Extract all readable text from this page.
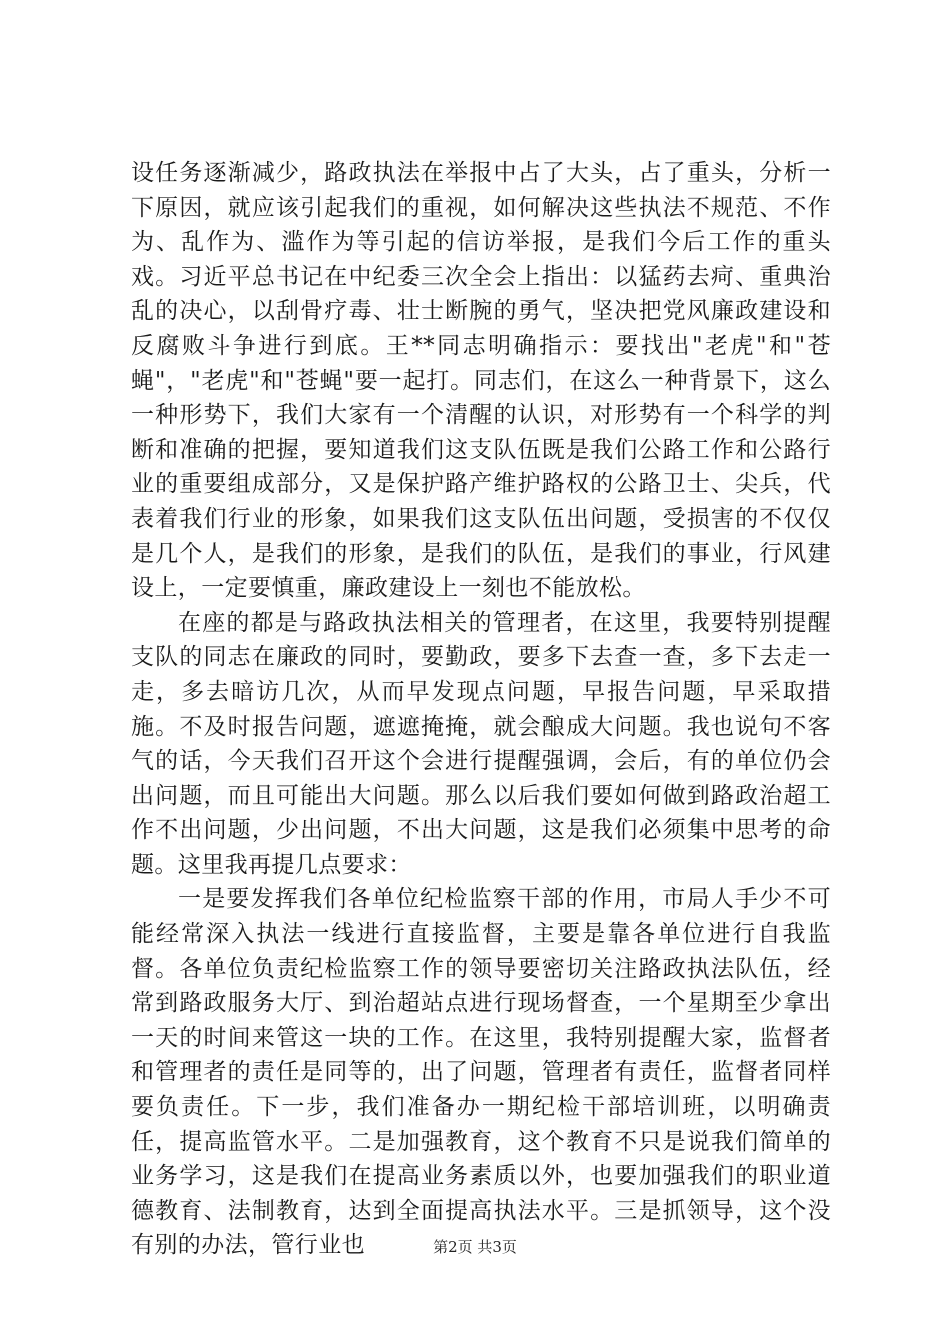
设任务逐渐减少，路政执法在举报中占了大头，占了重头，分析一下原因，就应该引起我们的重视，如何解决这些执法不规范、不作为、乱作为、滥作为等引起的信访举报，是我们今后工作的重头戏。习近平总书记在中纪委三次全会上指出：以猛药去疴、重典治乱的决心，以刮骨疗毒、壮士断腕的勇气，坚决把党风廉政建设和反腐败斗争进行到底。王**同志明确指示：要找出"老虎"和"苍蝇"，"老虎"和"苍蝇"要一起打。同志们，在这么一种背景下，这么一种形势下，我们大家有一个清醒的认识，对形势有一个科学的判断和准确的把握，要知道我们这支队伍既是我们公路工作和公路行业的重要组成部分，又是保护路产维护路权的公路卫士、尖兵，代表着我们行业的形象，如果我们这支队伍出问题，受损害的不仅仅是几个人，是我们的形象，是我们的队伍，是我们的事业，行风建设上，一定要慎重，廉政建设上一刻也不能放松。

在座的都是与路政执法相关的管理者，在这里，我要特别提醒支队的同志在廉政的同时，要勤政，要多下去查一查，多下去走一走，多去暗访几次，从而早发现点问题，早报告问题，早采取措施。不及时报告问题，遮遮掩掩，就会酿成大问题。我也说句不客气的话，今天我们召开这个会进行提醒强调，会后，有的单位仍会出问题，而且可能出大问题。那么以后我们要如何做到路政治超工作不出问题，少出问题，不出大问题，这是我们必须集中思考的命题。这里我再提几点要求：

一是要发挥我们各单位纪检监察干部的作用，市局人手少不可能经常深入执法一线进行直接监督，主要是靠各单位进行自我监督。各单位负责纪检监察工作的领导要密切关注路政执法队伍，经常到路政服务大厅、到治超站点进行现场督查，一个星期至少拿出一天的时间来管这一块的工作。在这里，我特别提醒大家，监督者和管理者的责任是同等的，出了问题，管理者有责任，监督者同样要负责任。下一步，我们准备办一期纪检干部培训班，以明确责任，提高监管水平。二是加强教育，这个教育不只是说我们简单的业务学习，这是我们在提高业务素质以外，也要加强我们的职业道德教育、法制教育，达到全面提高执法水平。三是抓领导，这个没有别的办法，管行业也	第2页 共3页
